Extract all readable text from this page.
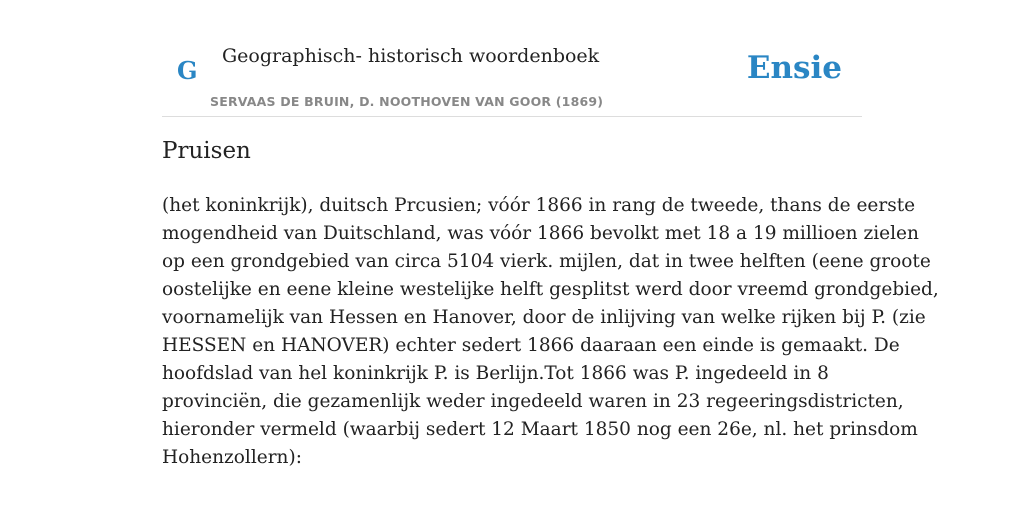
G Geographisch- historisch woordenboek
SERVAAS DE BRUIN, D. NOOTHOVEN VAN GOOR (1869)
Ensie
Pruisen

(het koninkrijk), duitsch Prcusien; vóór 1866 in rang de tweede, thans de eerste
mogendheid van Duitschland, was vóór 1866 bevolkt met 18 a 19 millioen zielen
op een grondgebied van circa 5104 vierk. mijlen, dat in twee helften (eene groote
oostelijke en eene kleine westelijke helft gesplitst werd door vreemd grondgebied,
voornamelijk van Hessen en Hanover, door de inlijving van welke rijken bij P. (zie
HESSEN en HANOVER) echter sedert 1866 daaraan een einde is gemaakt. De
hoofdslad van hel koninkrijk P. is Berlijn.Tot 1866 was P. ingedeeld in 8
provinciën, die gezamenlijk weder ingedeeld waren in 23 regeeringsdistricten,
hieronder vermeld (waarbij sedert 12 Maart 1850 nog een 26e, nl. het prinsdom
Hohenzollern):
